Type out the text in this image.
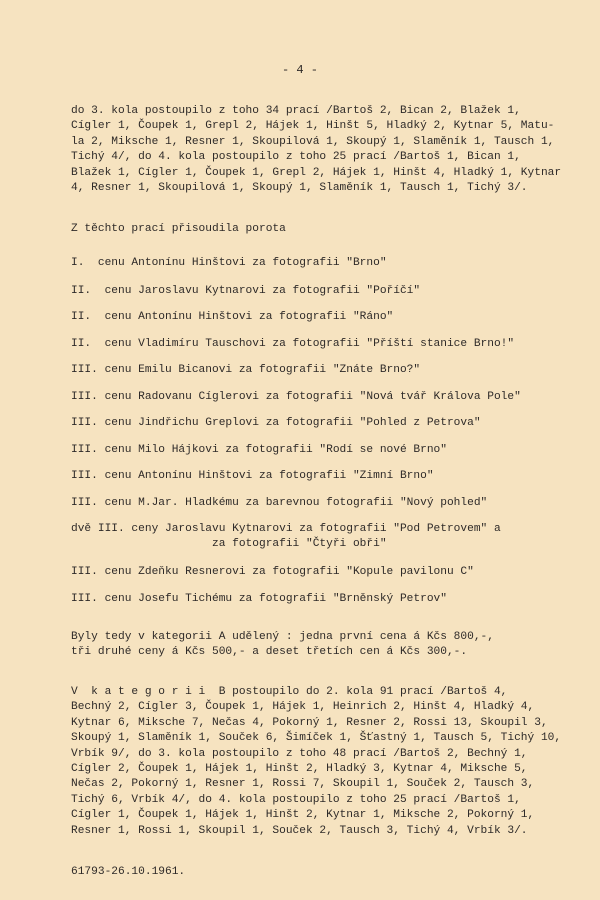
- 4 -
do 3. kola postoupilo z toho 34 prací /Bartoš 2, Bican 2, Blažek 1,
Cígler 1, Čoupek 1, Grepl 2, Hájek 1, Hinšt 5, Hladký 2, Kytnar 5, Matu-
la 2, Miksche 1, Resner 1, Skoupilová 1, Skoupý 1, Slaměník 1, Tausch 1,
Tichý 4/, do 4. kola postoupilo z toho 25 prací /Bartoš 1, Bican 1,
Blažek 1, Cígler 1, Čoupek 1, Grepl 2, Hájek 1, Hinšt 4, Hladký 1, Kytnar
4, Resner 1, Skoupilová 1, Skoupý 1, Slaměník 1, Tausch 1, Tichý 3/.
Z těchto prací přisoudila porota
I.  cenu Antonínu Hinštovi za fotografii "Brno"
II.  cenu Jaroslavu Kytnarovi za fotografii "Poříčí"
II.  cenu Antonínu Hinštovi za fotografii "Ráno"
II.  cenu Vladimíru Tauschovi za fotografii "Příští stanice Brno!"
III. cenu Emilu Bicanovi za fotografii "Znáte Brno?"
III. cenu Radovanu Cíglerovi za fotografii "Nová tvář Králova Pole"
III. cenu Jindřichu Greplovi za fotografii "Pohled z Petrova"
III. cenu Milo Hájkovi za fotografii "Rodí se nové Brno"
III. cenu Antonínu Hinštovi za fotografii "Zimní Brno"
III. cenu M.Jar. Hladkému za barevnou fotografii "Nový pohled"
dvě III. ceny Jaroslavu Kytnarovi za fotografii "Pod Petrovem" a
za fotografii "Čtyři obři"
III. cenu Zdeňku Resnerovi za fotografii "Kopule pavilonu C"
III. cenu Josefu Tichému za fotografii "Brněnský Petrov"
Byly tedy v kategorii A udělený : jedna první cena á Kčs 800,-,
tři druhé ceny á Kčs 500,- a deset třetích cen á Kčs 300,-.
V  k a t e g o r i i  B postoupilo do 2. kola 91 prací /Bartoš 4,
Bechný 2, Cígler 3, Čoupek 1, Hájek 1, Heinrich 2, Hinšt 4, Hladký 4,
Kytnar 6, Miksche 7, Nečas 4, Pokorný 1, Resner 2, Rossi 13, Skoupil 3,
Skoupý 1, Slaměník 1, Souček 6, Šimíček 1, Šťastný 1, Tausch 5, Tichý 10,
Vrbík 9/, do 3. kola postoupilo z toho 48 prací /Bartoš 2, Bechný 1,
Cígler 2, Čoupek 1, Hájek 1, Hinšt 2, Hladký 3, Kytnar 4, Miksche 5,
Nečas 2, Pokorný 1, Resner 1, Rossi 7, Skoupil 1, Souček 2, Tausch 3,
Tichý 6, Vrbík 4/, do 4. kola postoupilo z toho 25 prací /Bartoš 1,
Cígler 1, Čoupek 1, Hájek 1, Hinšt 2, Kytnar 1, Miksche 2, Pokorný 1,
Resner 1, Rossi 1, Skoupil 1, Souček 2, Tausch 3, Tichý 4, Vrbík 3/.
61793-26.10.1961.
